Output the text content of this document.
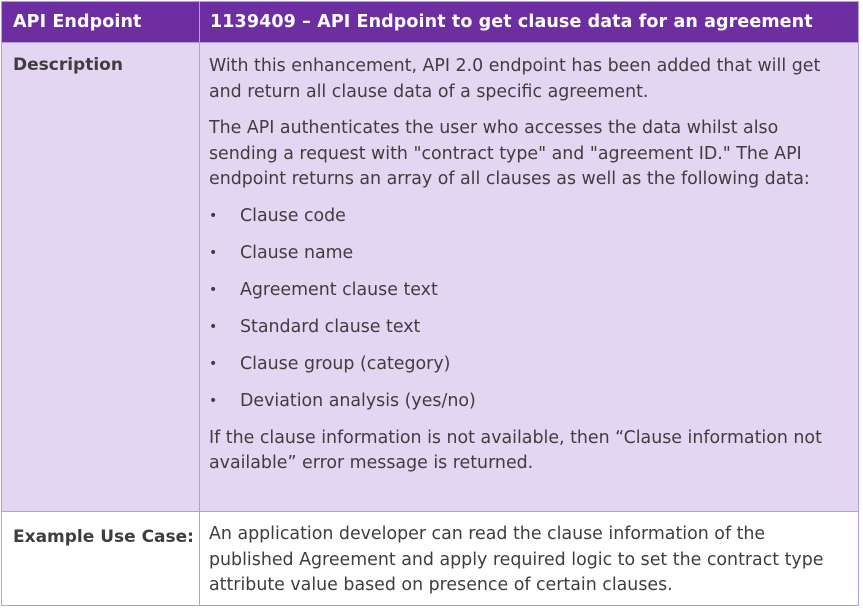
API Endpoint	1139409 – API Endpoint to get clause data for an agreement
Description	With this enhancement, API 2.0 endpoint has been added that will get and return all clause data of a specific agreement.

The API authenticates the user who accesses the data whilst also sending a request with "contract type" and "agreement ID." The API endpoint returns an array of all clauses as well as the following data:

• Clause code
• Clause name
• Agreement clause text
• Standard clause text
• Clause group (category)
• Deviation analysis (yes/no)

If the clause information is not available, then “Clause information not available” error message is returned.

Example Use Case: An application developer can read the clause information of the published Agreement and apply required logic to set the contract type attribute value based on presence of certain clauses.
